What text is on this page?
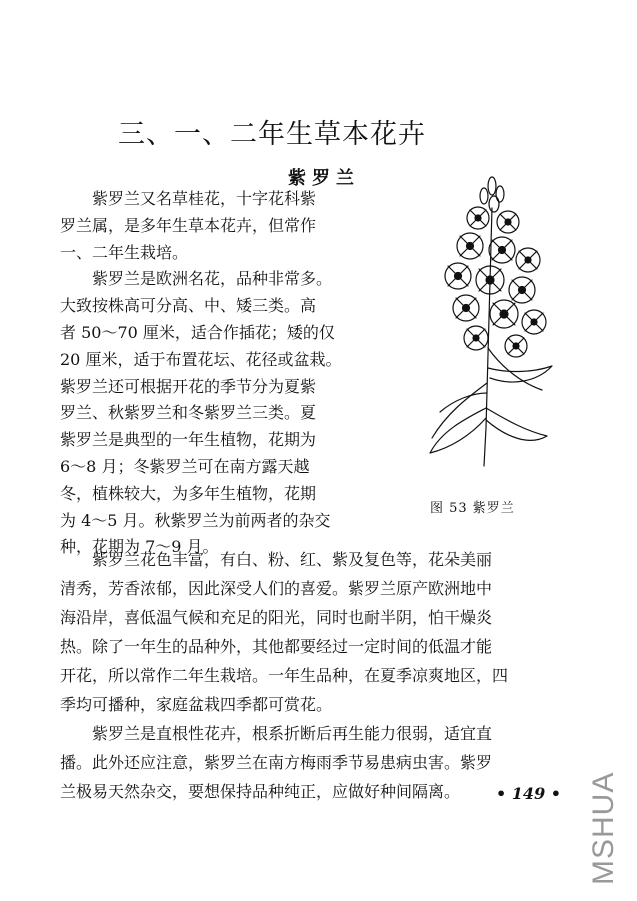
三、一、二年生草本花卉
紫罗兰
紫罗兰又名草桂花，十字花科紫
罗兰属，是多年生草本花卉，但常作
一、二年生栽培。
紫罗兰是欧洲名花，品种非常多。
大致按株高可分高、中、矮三类。高
者 50～70 厘米，适合作插花；矮的仅
20 厘米，适于布置花坛、花径或盆栽。
紫罗兰还可根据开花的季节分为夏紫
罗兰、秋紫罗兰和冬紫罗兰三类。夏
紫罗兰是典型的一年生植物，花期为
6～8 月；冬紫罗兰可在南方露天越
冬，植株较大，为多年生植物，花期
为 4～5 月。秋紫罗兰为前两者的杂交
种，花期为 7～9 月。
图 53 紫罗兰
紫罗兰花色丰富，有白、粉、红、紫及复色等，花朵美丽
清秀，芳香浓郁，因此深受人们的喜爱。紫罗兰原产欧洲地中
海沿岸，喜低温气候和充足的阳光，同时也耐半阴，怕干燥炎
热。除了一年生的品种外，其他都要经过一定时间的低温才能
开花，所以常作二年生栽培。一年生品种，在夏季凉爽地区，四
季均可播种，家庭盆栽四季都可赏花。
紫罗兰是直根性花卉，根系折断后再生能力很弱，适宜直
播。此外还应注意，紫罗兰在南方梅雨季节易患病虫害。紫罗
兰极易天然杂交，要想保持品种纯正，应做好种间隔离。	• 149 • MSHUA
